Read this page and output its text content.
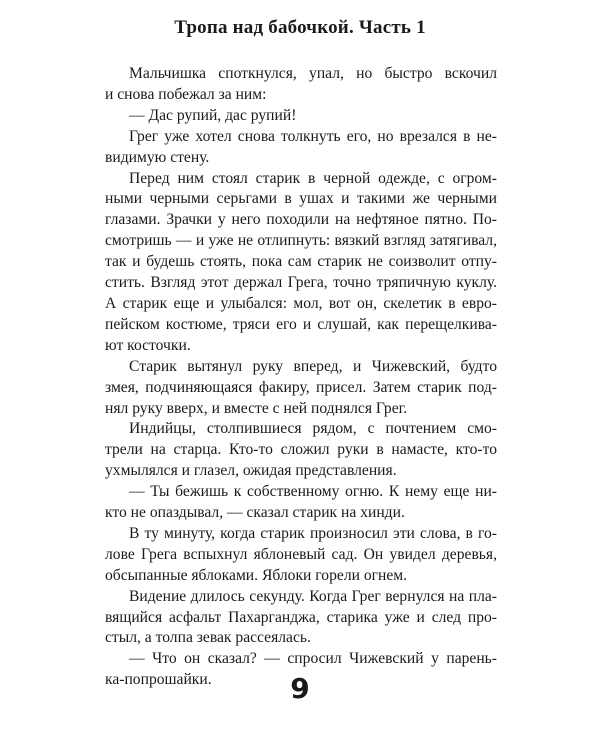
Тропа над бабочкой. Часть 1

Мальчишка споткнулся, упал, но быстро вскочил
и снова побежал за ним:

— Дас рупий, дас рупий!

Грег уже хотел снова толкнуть его, но врезался в не-
видимую стену.

Перед ним стоял старик в черной одежде, с огром-
ными черными серьгами в ушах и такими же черными
глазами. Зрачки у него походили на нефтяное пятно. По-
смотришь — и уже не отлипнуть: вязкий взгляд затягивал,
так и будешь стоять, пока сам старик не соизволит отпу-
стить. Взгляд этот держал Грега, точно тряпичную куклу.
А старик еще и улыбался: мол, вот он, скелетик в евро-
пейском костюме, тряси его и слушай, как перещелкива-
ют косточки.

Старик вытянул руку вперед, и Чижевский, будто
змея, подчиняющаяся факиру, присел. Затем старик под-
нял руку вверх, и вместе с ней поднялся Грег.

Индийцы, столпившиеся рядом, с почтением смо-
трели на старца. Кто-то сложил руки в намасте, кто-то
ухмылялся и глазел, ожидая представления.

— Ты бежишь к собственному огню. К нему еще ни-
кто не опаздывал, — сказал старик на хинди.

В ту минуту, когда старик произносил эти слова, в го-
лове Грега вспыхнул яблоневый сад. Он увидел деревья,
обсыпанные яблоками. Яблоки горели огнем.

Видение длилось секунду. Когда Грег вернулся на пла-
вящийся асфальт Пахарганджа, старика уже и след про-
стыл, а толпа зевак рассеялась.

— Что он сказал? — спросил Чижевский у парень-
ка-попрошайки.	9
